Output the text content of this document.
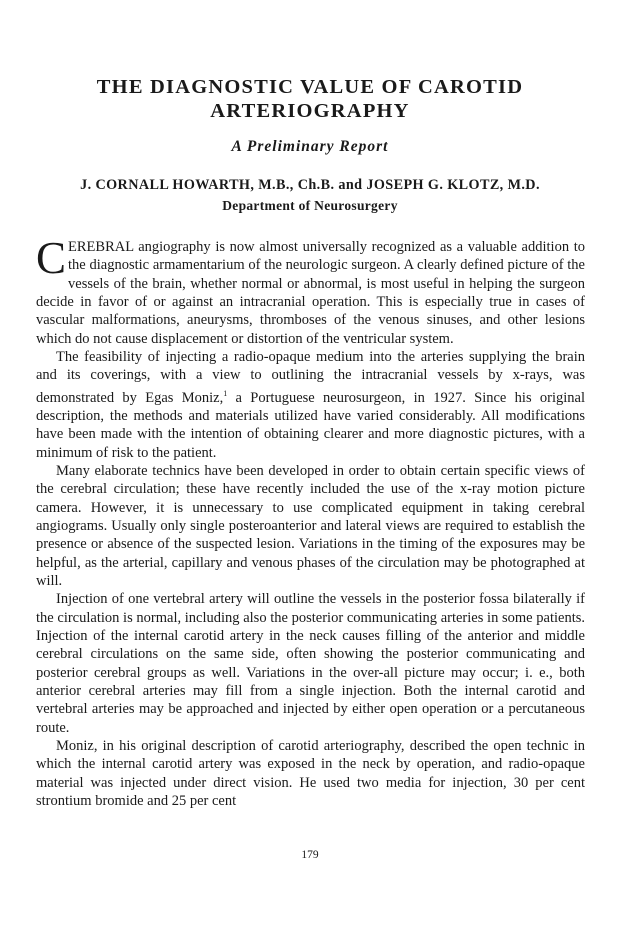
THE DIAGNOSTIC VALUE OF CAROTID
ARTERIOGRAPHY

A Preliminary Report

J. CORNALL HOWARTH, M.B., Ch.B. and JOSEPH G. KLOTZ, M.D.

Department of Neurosurgery

CEREBRAL angiography is now almost universally recognized as a valuable addition to the diagnostic armamentarium of the neurologic surgeon. A clearly defined picture of the vessels of the brain, whether normal or abnormal, is most useful in helping the surgeon decide in favor of or against an intracranial operation. This is especially true in cases of vascular malformations, aneurysms, thromboses of the venous sinuses, and other lesions which do not cause displacement or distortion of the ventricular system.

The feasibility of injecting a radio-opaque medium into the arteries supplying the brain and its coverings, with a view to outlining the intracranial vessels by x-rays, was demonstrated by Egas Moniz,$^1$ a Portuguese neurosurgeon, in 1927. Since his original description, the methods and materials utilized have varied considerably. All modifications have been made with the intention of obtaining clearer and more diagnostic pictures, with a minimum of risk to the patient.

Many elaborate technics have been developed in order to obtain certain specific views of the cerebral circulation; these have recently included the use of the x-ray motion picture camera. However, it is unnecessary to use complicated equipment in taking cerebral angiograms. Usually only single posteroanterior and lateral views are required to establish the presence or absence of the suspected lesion. Variations in the timing of the exposures may be helpful, as the arterial, capillary and venous phases of the circulation may be photographed at will.

Injection of one vertebral artery will outline the vessels in the posterior fossa bilaterally if the circulation is normal, including also the posterior communicating arteries in some patients. Injection of the internal carotid artery in the neck causes filling of the anterior and middle cerebral circulations on the same side, often showing the posterior communicating and posterior cerebral groups as well. Variations in the over-all picture may occur; i. e., both anterior cerebral arteries may fill from a single injection. Both the internal carotid and vertebral arteries may be approached and injected by either open operation or a percutaneous route.

Moniz, in his original description of carotid arteriography, described the open technic in which the internal carotid artery was exposed in the neck by operation, and radio-opaque material was injected under direct vision. He used two media for injection, 30 per cent strontium bromide and 25 per cent

179
